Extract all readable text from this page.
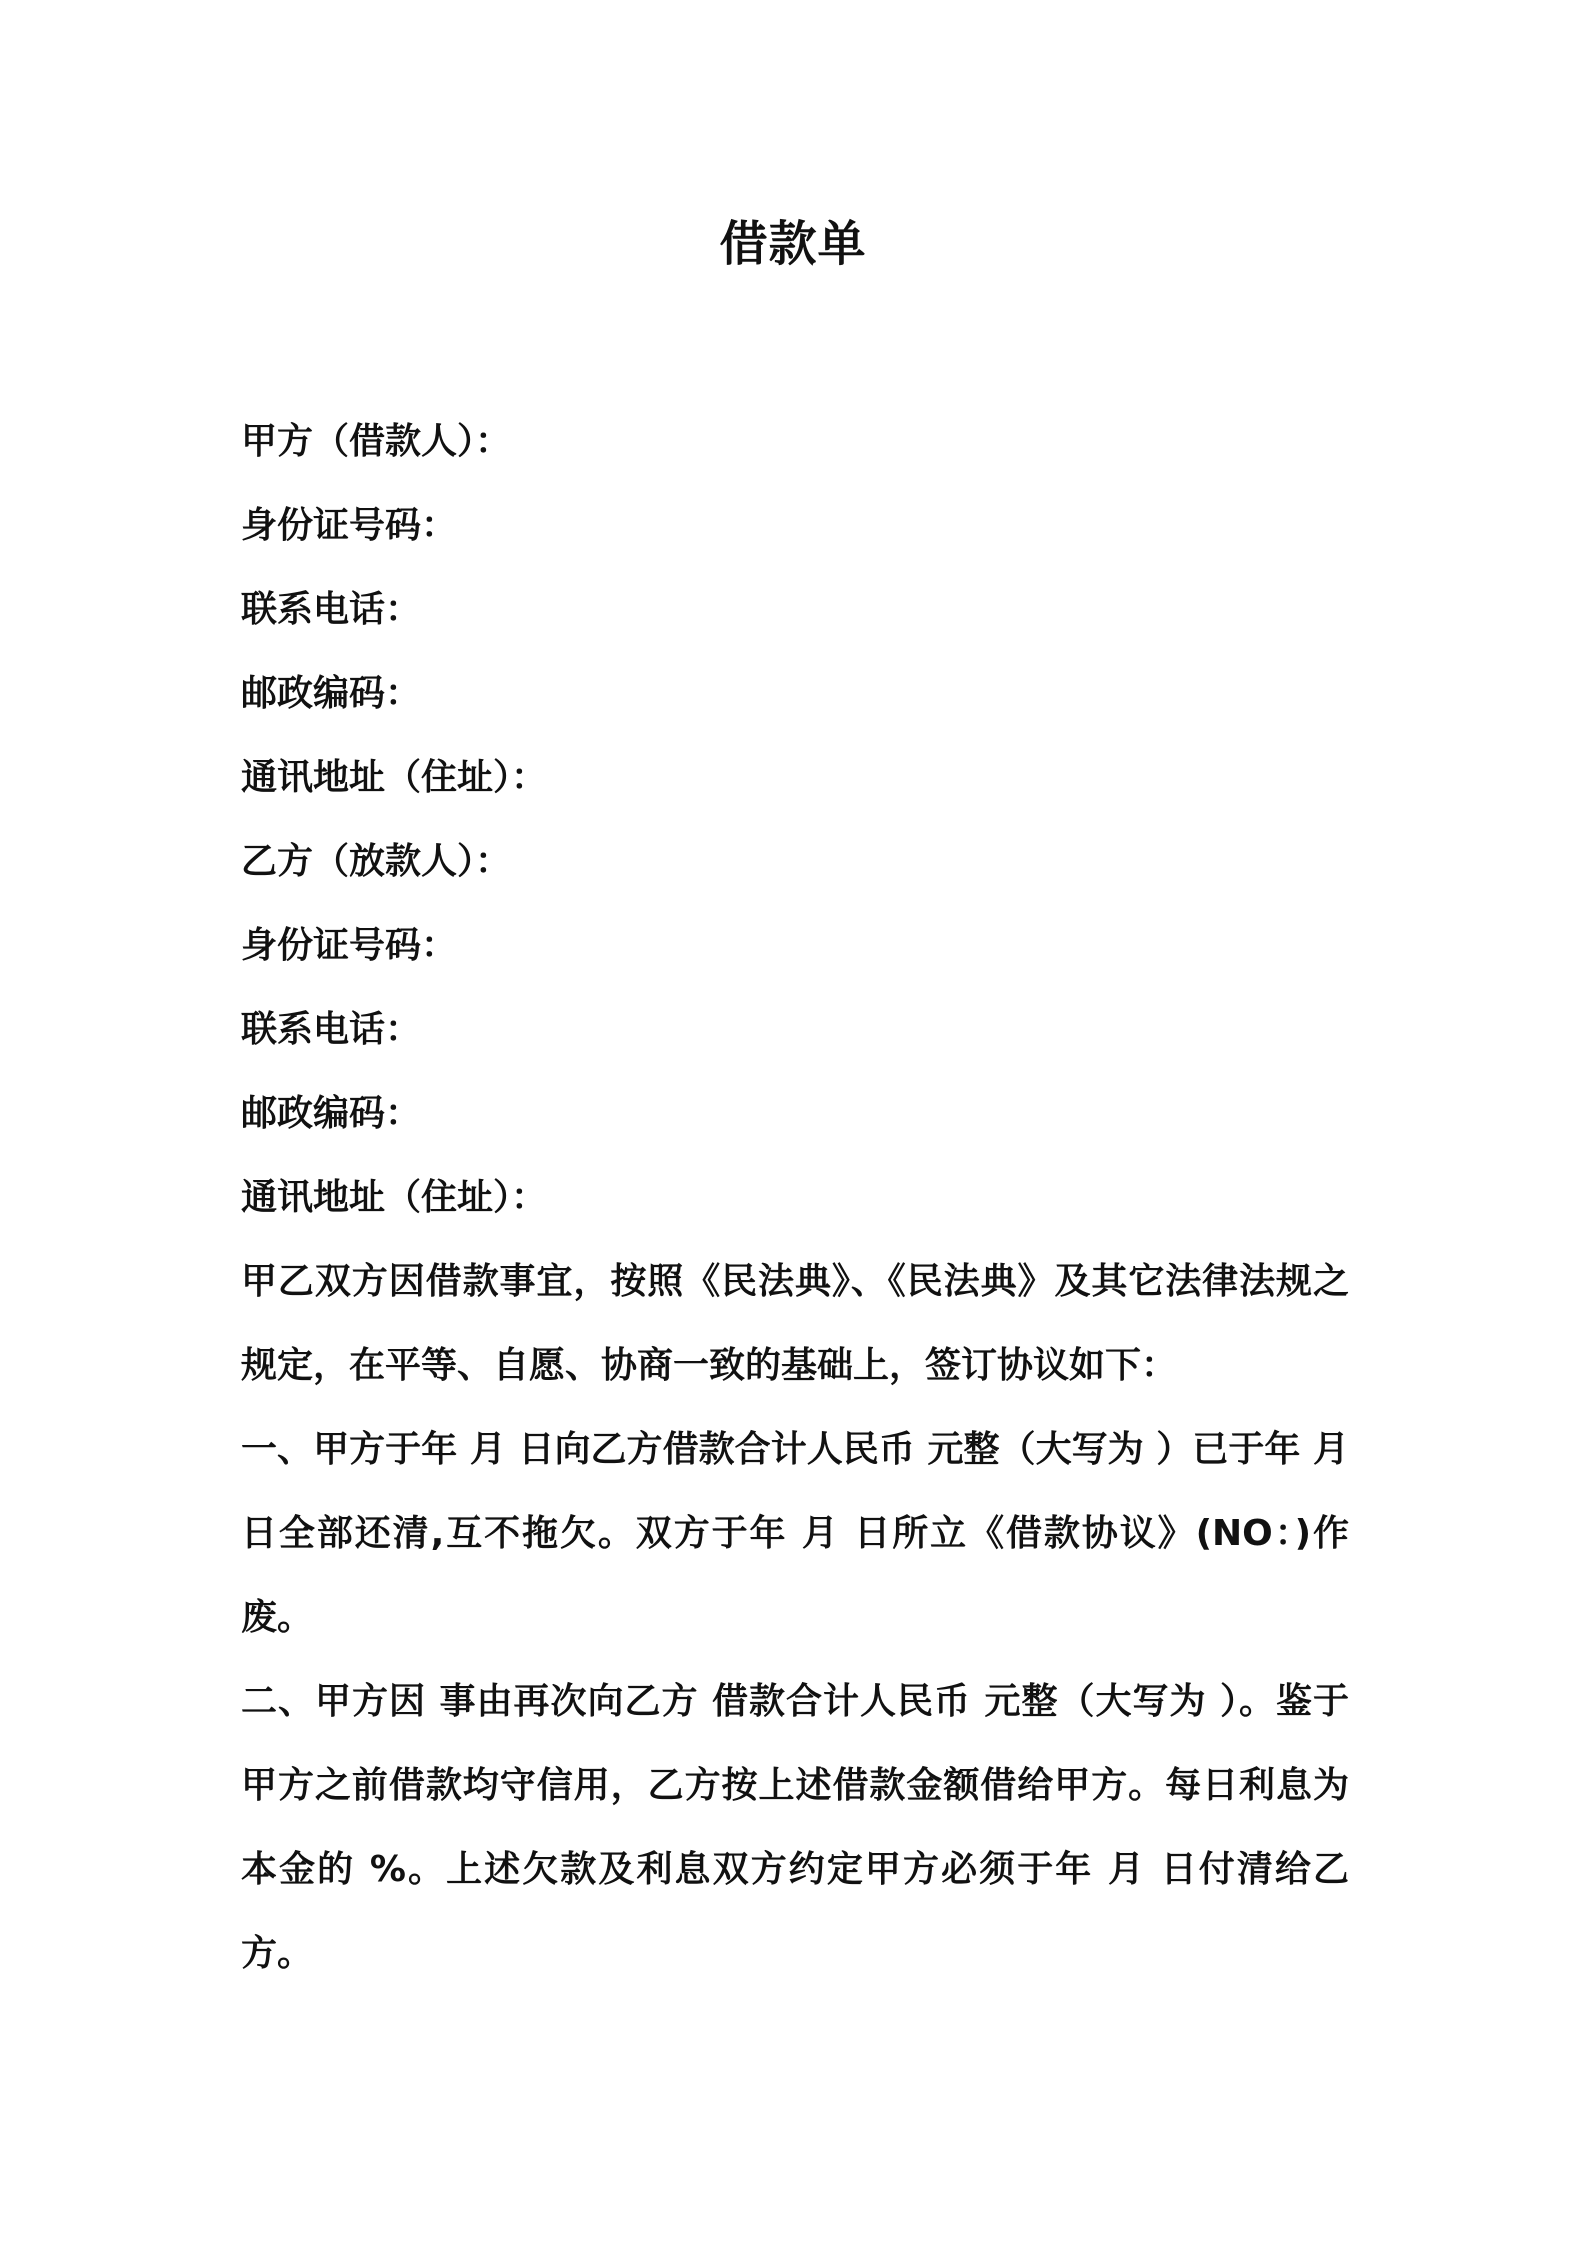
借款单
甲方（借款人）：
身份证号码：
联系电话：
邮政编码：
通讯地址（住址）：
乙方（放款人）：
身份证号码：
联系电话：
邮政编码：
通讯地址（住址）：
甲乙双方因借款事宜，按照《民法典》、《民法典》及其它法律法规之规定，在平等、自愿、协商一致的基础上，签订协议如下：
一、甲方于年 月 日向乙方借款合计人民币 元整（大写为 ）已于年 月 日全部还清,互不拖欠。双方于年 月 日所立《借款协议》(NO：)作废。
二、甲方因 事由再次向乙方 借款合计人民币 元整（大写为 ）。鉴于甲方之前借款均守信用，乙方按上述借款金额借给甲方。每日利息为本金的 %。上述欠款及利息双方约定甲方必须于年 月 日付清给乙方。
